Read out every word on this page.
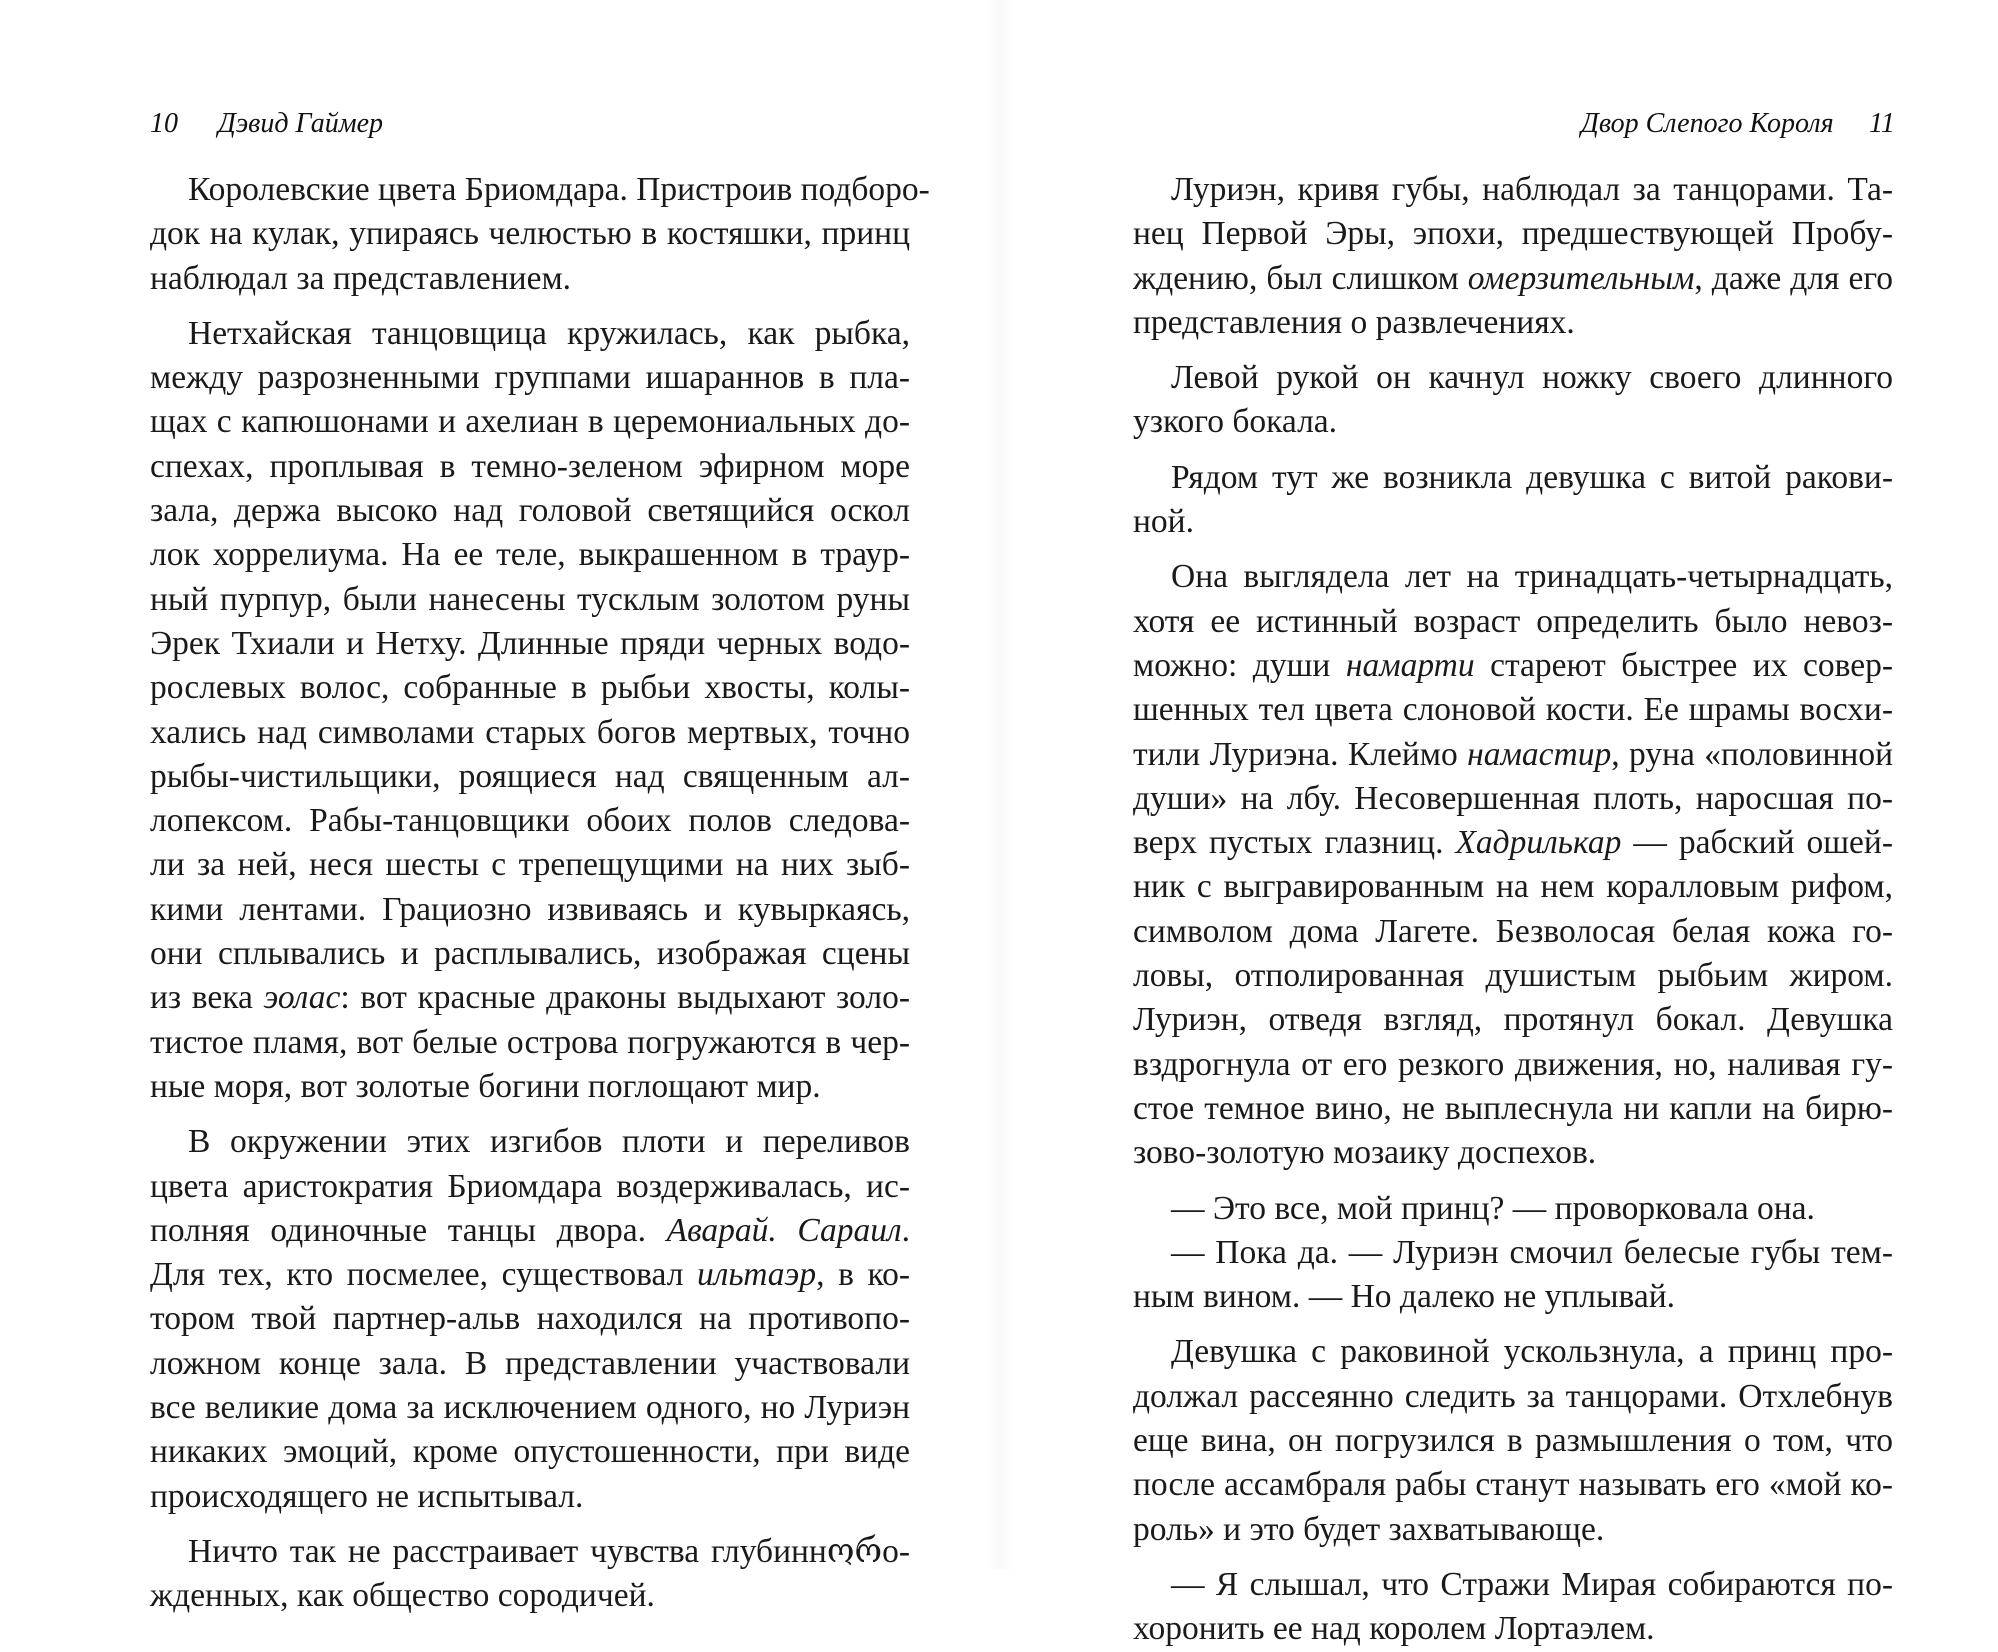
10 Дэвид Гаймер
Королевские цвета Бриомдара. Пристроив подборо-
док на кулак, упираясь челюстью в костяшки, принц
наблюдал за представлением.
Нетхайская танцовщица кружилась, как рыбка,
между разрозненными группами ишараннов в пла-
щах с капюшонами и ахелиан в церемониальных до-
спехах, проплывая в темно-зеленом эфирном море
зала, держа высоко над головой светящийся оскол
лок хоррелиума. На ее теле, выкрашенном в траур-
ный пурпур, были нанесены тусклым золотом руны
Эрек Тхиали и Нетху. Длинные пряди черных водо-
рослевых волос, собранные в рыбьи хвосты, колы-
хались над символами старых богов мертвых, точно
рыбы-чистильщики, роящиеся над священным ал-
лопексом. Рабы-танцовщики обоих полов следова-
ли за ней, неся шесты с трепещущими на них зыб-
кими лентами. Грациозно извиваясь и кувыркаясь,
они сплывались и расплывались, изображая сцены
из века эолас: вот красные драконы выдыхают золо-
тистое пламя, вот белые острова погружаются в чер-
ные моря, вот золотые богини поглощают мир.
В окружении этих изгибов плоти и переливов
цвета аристократия Бриомдара воздерживалась, ис-
полняя одиночные танцы двора. Аварай. Сараил.
Для тех, кто посмелее, существовал ильтаэр, в ко-
тором твой партнер-альв находился на противопо-
ложном конце зала. В представлении участвовали
все великие дома за исключением одного, но Луриэн
никаких эмоций, кроме опустошенности, при виде
происходящего не испытывал.
Ничто так не расстраивает чувства глубиннორо-
жденных, как общество сородичей.
Двор Слепого Короля 11
Луриэн, кривя губы, наблюдал за танцорами. Та-
нец Первой Эры, эпохи, предшествующей Пробу-
ждению, был слишком омерзительным, даже для его
представления о развлечениях.
Левой рукой он качнул ножку своего длинного
узкого бокала.
Рядом тут же возникла девушка с витой ракови-
ной.
Она выглядела лет на тринадцать-четырнадцать,
хотя ее истинный возраст определить было невоз-
можно: души намарти стареют быстрее их совер-
шенных тел цвета слоновой кости. Ее шрамы восхи-
тили Луриэна. Клеймо намастир, руна «половинной
души» на лбу. Несовершенная плоть, наросшая по-
верх пустых глазниц. Хадрилькар — рабский ошей-
ник с выгравированным на нем коралловым рифом,
символом дома Лагете. Безволосая белая кожа го-
ловы, отполированная душистым рыбьим жиром.
Луриэн, отведя взгляд, протянул бокал. Девушка
вздрогнула от его резкого движения, но, наливая гу-
стое темное вино, не выплеснула ни капли на бирю-
зово-золотую мозаику доспехов.
— Это все, мой принц? — проворковала она.
— Пока да. — Луриэн смочил белесые губы тем-
ным вином. — Но далеко не уплывай.
Девушка с раковиной ускользнула, а принц про-
должал рассеянно следить за танцорами. Отхлебнув
еще вина, он погрузился в размышления о том, что
после ассамбраля рабы станут называть его «мой ко-
роль» и это будет захватывающе.
— Я слышал, что Стражи Мирая собираются по-
хоронить ее над королем Лортаэлем.
